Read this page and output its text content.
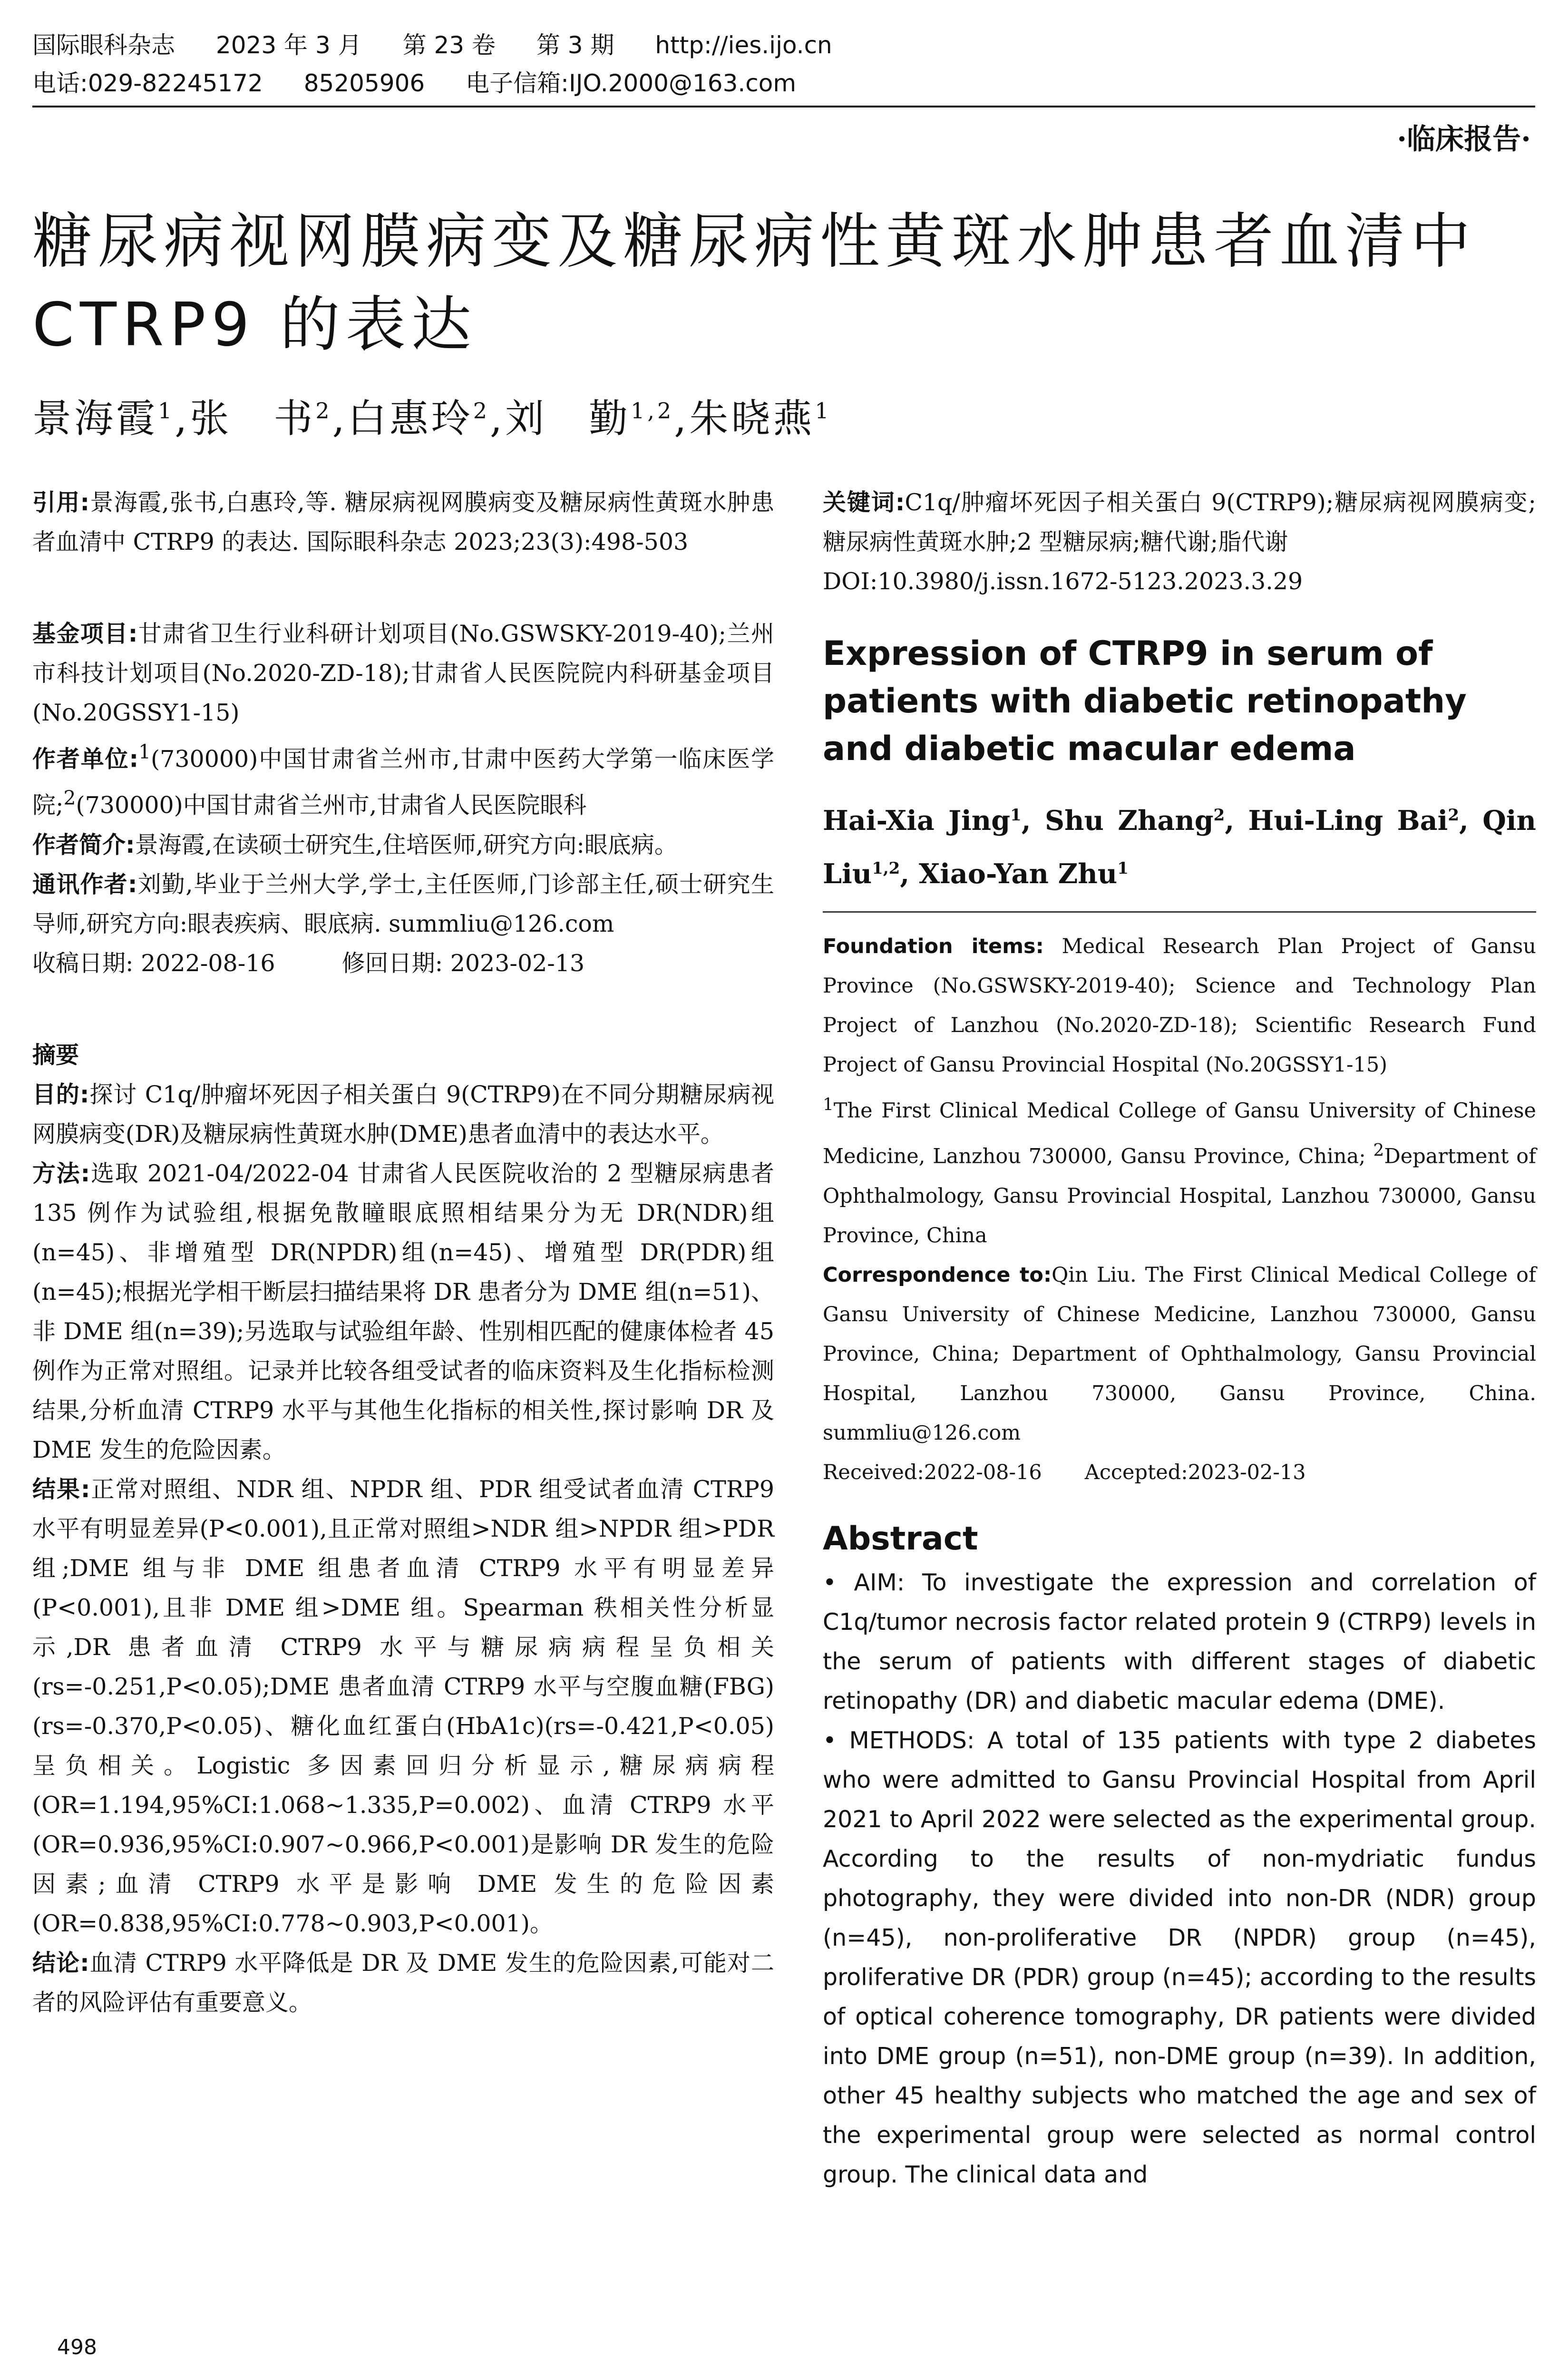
国际眼科杂志 2023 年 3 月 第 23 卷 第 3 期 http://ies.ijo.cn
电话:029-82245172 85205906 电子信箱:IJO.2000@163.com
·临床报告·
糖尿病视网膜病变及糖尿病性黄斑水肿患者血清中
CTRP9 的表达
景海霞$^1$,张　书$^2$,白惠玲$^2$,刘　勤$^{1,2}$,朱晓燕$^1$

引用:景海霞,张书,白惠玲,等. 糖尿病视网膜病变及糖尿病性黄斑水肿患者血清中 CTRP9 的表达. 国际眼科杂志 2023;23(3):498-503

基金项目:甘肃省卫生行业科研计划项目(No.GSWSKY-2019-40);兰州市科技计划项目(No.2020-ZD-18);甘肃省人民医院院内科研基金项目(No.20GSSY1-15)

作者单位:$^1$(730000)中国甘肃省兰州市,甘肃中医药大学第一临床医学院;$^2$(730000)中国甘肃省兰州市,甘肃省人民医院眼科

作者简介:景海霞,在读硕士研究生,住培医师,研究方向:眼底病。

通讯作者:刘勤,毕业于兰州大学,学士,主任医师,门诊部主任,硕士研究生导师,研究方向:眼表疾病、眼底病. summliu@126.com

收稿日期: 2022-08-16	修回日期: 2023-02-13

摘要

目的:探讨 C1q/肿瘤坏死因子相关蛋白 9(CTRP9)在不同分期糖尿病视网膜病变(DR)及糖尿病性黄斑水肿(DME)患者血清中的表达水平。

方法:选取 2021-04/2022-04 甘肃省人民医院收治的 2 型糖尿病患者 135 例作为试验组,根据免散瞳眼底照相结果分为无 DR(NDR)组(n=45)、非增殖型 DR(NPDR)组(n=45)、增殖型 DR(PDR)组(n=45);根据光学相干断层扫描结果将 DR 患者分为 DME 组(n=51)、非 DME 组(n=39);另选取与试验组年龄、性别相匹配的健康体检者 45 例作为正常对照组。记录并比较各组受试者的临床资料及生化指标检测结果,分析血清 CTRP9 水平与其他生化指标的相关性,探讨影响 DR 及 DME 发生的危险因素。

结果:正常对照组、NDR 组、NPDR 组、PDR 组受试者血清 CTRP9 水平有明显差异(P<0.001),且正常对照组>NDR 组>NPDR 组>PDR 组;DME 组与非 DME 组患者血清 CTRP9 水平有明显差异(P<0.001),且非 DME 组>DME 组。Spearman 秩相关性分析显示,DR 患者血清 CTRP9 水平与糖尿病病程呈负相关(rs=-0.251,P<0.05);DME 患者血清 CTRP9 水平与空腹血糖(FBG)(rs=-0.370,P<0.05)、糖化血红蛋白(HbA1c)(rs=-0.421,P<0.05)呈负相关。Logistic 多因素回归分析显示,糖尿病病程(OR=1.194,95%CI:1.068~1.335,P=0.002)、血清 CTRP9 水平(OR=0.936,95%CI:0.907~0.966,P<0.001)是影响 DR 发生的危险因素;血清 CTRP9 水平是影响 DME 发生的危险因素(OR=0.838,95%CI:0.778~0.903,P<0.001)。

结论:血清 CTRP9 水平降低是 DR 及 DME 发生的危险因素,可能对二者的风险评估有重要意义。

关键词:C1q/肿瘤坏死因子相关蛋白 9(CTRP9);糖尿病视网膜病变;糖尿病性黄斑水肿;2 型糖尿病;糖代谢;脂代谢

DOI:10.3980/j.issn.1672-5123.2023.3.29

Expression of CTRP9 in serum of patients with diabetic retinopathy and diabetic macular edema

Hai-Xia Jing$^1$, Shu Zhang$^2$, Hui-Ling Bai$^2$, Qin Liu$^{1,2}$, Xiao-Yan Zhu$^1$

Foundation items: Medical Research Plan Project of Gansu Province (No.GSWSKY-2019-40); Science and Technology Plan Project of Lanzhou (No.2020-ZD-18); Scientific Research Fund Project of Gansu Provincial Hospital (No.20GSSY1-15)

$^1$The First Clinical Medical College of Gansu University of Chinese Medicine, Lanzhou 730000, Gansu Province, China; $^2$Department of Ophthalmology, Gansu Provincial Hospital, Lanzhou 730000, Gansu Province, China

Correspondence to:Qin Liu. The First Clinical Medical College of Gansu University of Chinese Medicine, Lanzhou 730000, Gansu Province, China; Department of Ophthalmology, Gansu Provincial Hospital, Lanzhou 730000, Gansu Province, China. summliu@126.com

Received:2022-08-16 Accepted:2023-02-13

Abstract

• AIM: To investigate the expression and correlation of C1q/tumor necrosis factor related protein 9 (CTRP9) levels in the serum of patients with different stages of diabetic retinopathy (DR) and diabetic macular edema (DME).

• METHODS: A total of 135 patients with type 2 diabetes who were admitted to Gansu Provincial Hospital from April 2021 to April 2022 were selected as the experimental group. According to the results of non-mydriatic fundus photography, they were divided into non-DR (NDR) group (n=45), non-proliferative DR (NPDR) group (n=45), proliferative DR (PDR) group (n=45); according to the results of optical coherence tomography, DR patients were divided into DME group (n=51), non-DME group (n=39). In addition, other 45 healthy subjects who matched the age and sex of the experimental group were selected as normal control group. The clinical data and

498
